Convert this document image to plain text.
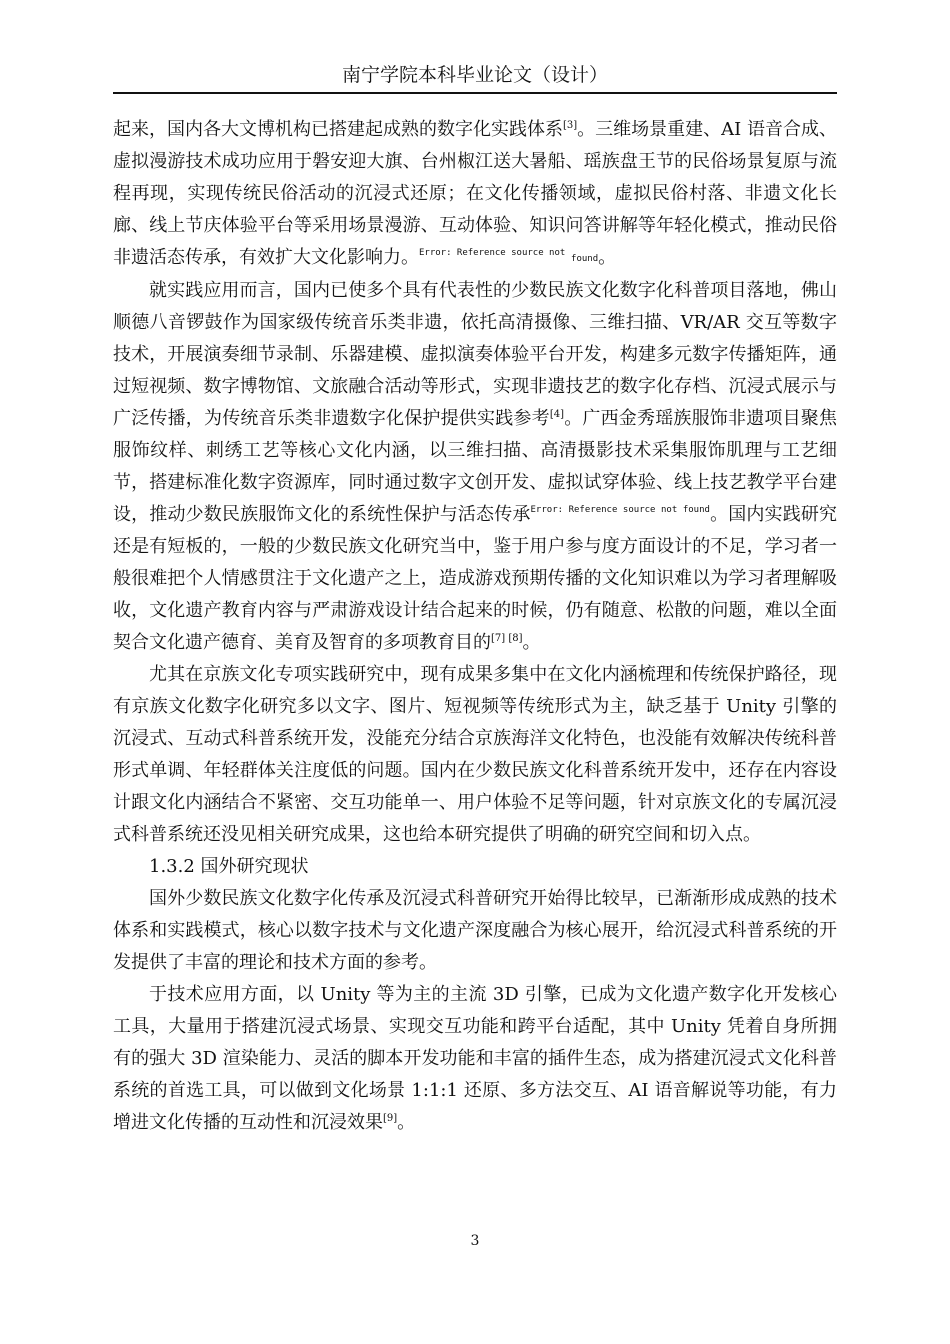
南宁学院本科毕业论文（设计）

起来，国内各大文博机构已搭建起成熟的数字化实践体系[3]。三维场景重建、AI 语音合成、虚拟漫游技术成功应用于磐安迎大旗、台州椒江送大暑船、瑶族盘王节的民俗场景复原与流程再现，实现传统民俗活动的沉浸式还原；在文化传播领域，虚拟民俗村落、非遗文化长廊、线上节庆体验平台等采用场景漫游、互动体验、知识问答讲解等年轻化模式，推动民俗非遗活态传承，有效扩大文化影响力。$^{Error: Reference source not}$ found。

就实践应用而言，国内已使多个具有代表性的少数民族文化数字化科普项目落地，佛山顺德八音锣鼓作为国家级传统音乐类非遗，依托高清摄像、三维扫描、VR/AR 交互等数字技术，开展演奏细节录制、乐器建模、虚拟演奏体验平台开发，构建多元数字传播矩阵，通过短视频、数字博物馆、文旅融合活动等形式，实现非遗技艺的数字化存档、沉浸式展示与广泛传播，为传统音乐类非遗数字化保护提供实践参考[4]。广西金秀瑶族服饰非遗项目聚焦服饰纹样、刺绣工艺等核心文化内涵，以三维扫描、高清摄影技术采集服饰肌理与工艺细节，搭建标准化数字资源库，同时通过数字文创开发、虚拟试穿体验、线上技艺教学平台建设，推动少数民族服饰文化的系统性保护与活态传承$^{Error: Reference source not found}$。国内实践研究还是有短板的，一般的少数民族文化研究当中，鉴于用户参与度方面设计的不足，学习者一般很难把个人情感贯注于文化遗产之上，造成游戏预期传播的文化知识难以为学习者理解吸收，文化遗产教育内容与严肃游戏设计结合起来的时候，仍有随意、松散的问题，难以全面契合文化遗产德育、美育及智育的多项教育目的[7] [8]。

尤其在京族文化专项实践研究中，现有成果多集中在文化内涵梳理和传统保护路径，现有京族文化数字化研究多以文字、图片、短视频等传统形式为主，缺乏基于 Unity 引擎的沉浸式、互动式科普系统开发，没能充分结合京族海洋文化特色，也没能有效解决传统科普形式单调、年轻群体关注度低的问题。国内在少数民族文化科普系统开发中，还存在内容设计跟文化内涵结合不紧密、交互功能单一、用户体验不足等问题，针对京族文化的专属沉浸式科普系统还没见相关研究成果，这也给本研究提供了明确的研究空间和切入点。

1.3.2 国外研究现状

国外少数民族文化数字化传承及沉浸式科普研究开始得比较早，已渐渐形成成熟的技术体系和实践模式，核心以数字技术与文化遗产深度融合为核心展开，给沉浸式科普系统的开发提供了丰富的理论和技术方面的参考。

于技术应用方面，以 Unity 等为主的主流 3D 引擎，已成为文化遗产数字化开发核心工具，大量用于搭建沉浸式场景、实现交互功能和跨平台适配，其中 Unity 凭着自身所拥有的强大 3D 渲染能力、灵活的脚本开发功能和丰富的插件生态，成为搭建沉浸式文化科普系统的首选工具，可以做到文化场景 1:1:1 还原、多方法交互、AI 语音解说等功能，有力增进文化传播的互动性和沉浸效果[9]。

3
